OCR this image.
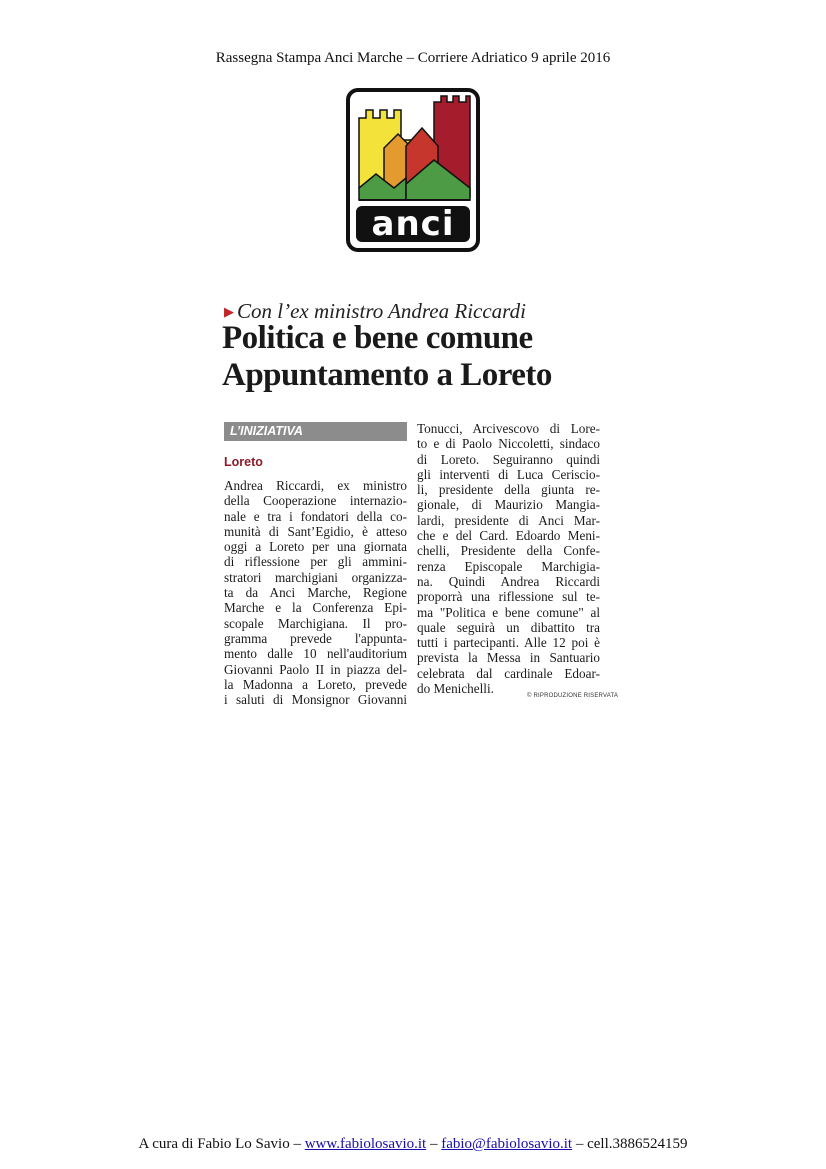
Rassegna Stampa Anci Marche – Corriere Adriatico 9 aprile 2016
anci
▶ Con l’ex ministro Andrea Riccardi
Politica e bene comune
Appuntamento a Loreto
L’INIZIATIVA
Loreto
Andrea Riccardi, ex ministro
della Cooperazione internazio-
nale e tra i fondatori della co-
munità di Sant’Egidio, è atteso
oggi a Loreto per una giornata
di riflessione per gli ammini-
stratori marchigiani organizza-
ta da Anci Marche, Regione
Marche e la Conferenza Epi-
scopale Marchigiana. Il pro-
gramma prevede l'appunta-
mento dalle 10 nell'auditorium
Giovanni Paolo II in piazza del-
la Madonna a Loreto, prevede
i saluti di Monsignor Giovanni
Tonucci, Arcivescovo di Lore-
to e di Paolo Niccoletti, sindaco
di Loreto. Seguiranno quindi
gli interventi di Luca Ceriscio-
li, presidente della giunta re-
gionale, di Maurizio Mangia-
lardi, presidente di Anci Mar-
che e del Card. Edoardo Meni-
chelli, Presidente della Confe-
renza Episcopale Marchigia-
na. Quindi Andrea Riccardi
proporrà una riflessione sul te-
ma "Politica e bene comune" al
quale seguirà un dibattito tra
tutti i partecipanti. Alle 12 poi è
prevista la Messa in Santuario
celebrata dal cardinale Edoar-
do Menichelli.	© RIPRODUZIONE RISERVATA
A cura di Fabio Lo Savio – www.fabiolosavio.it – fabio@fabiolosavio.it – cell.3886524159
